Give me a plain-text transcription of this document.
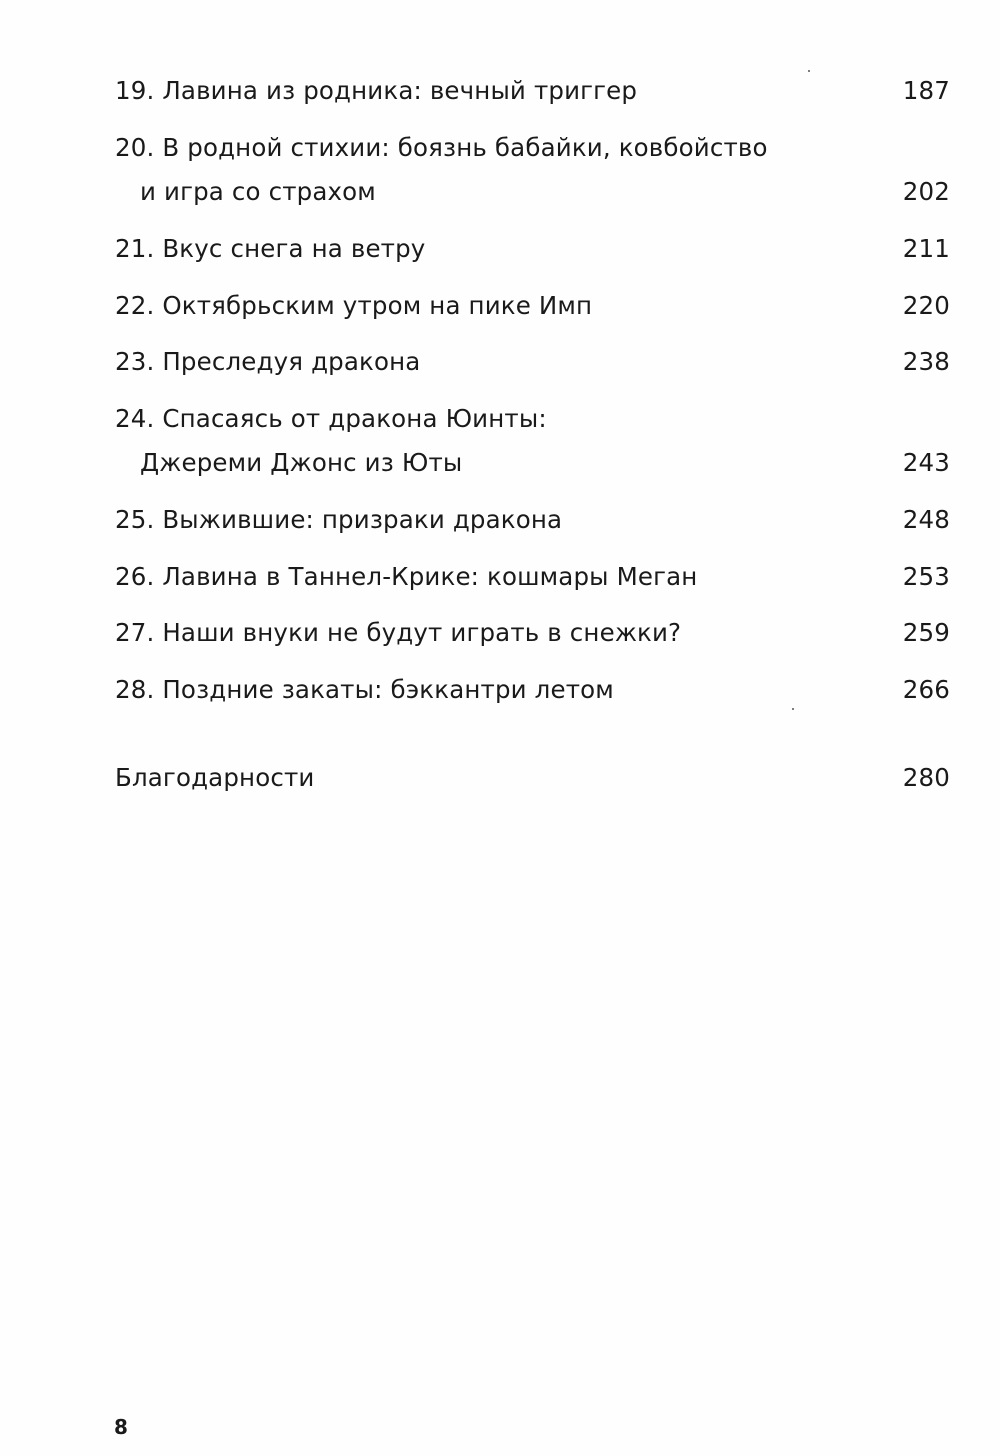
19. Лавина из родника: вечный триггер	187
20. В родной стихии: боязнь бабайки, ковбойство
и игра со страхом	202
21. Вкус снега на ветру	211
22. Октябрьским утром на пике Имп	220
23. Преследуя дракона	238
24. Спасаясь от дракона Юинты:
Джереми Джонс из Юты	243
25. Выжившие: призраки дракона	248
26. Лавина в Таннел-Крике: кошмары Меган	253
27. Наши внуки не будут играть в снежки?	259
28. Поздние закаты: бэккантри летом	266
Благодарности	280
8
